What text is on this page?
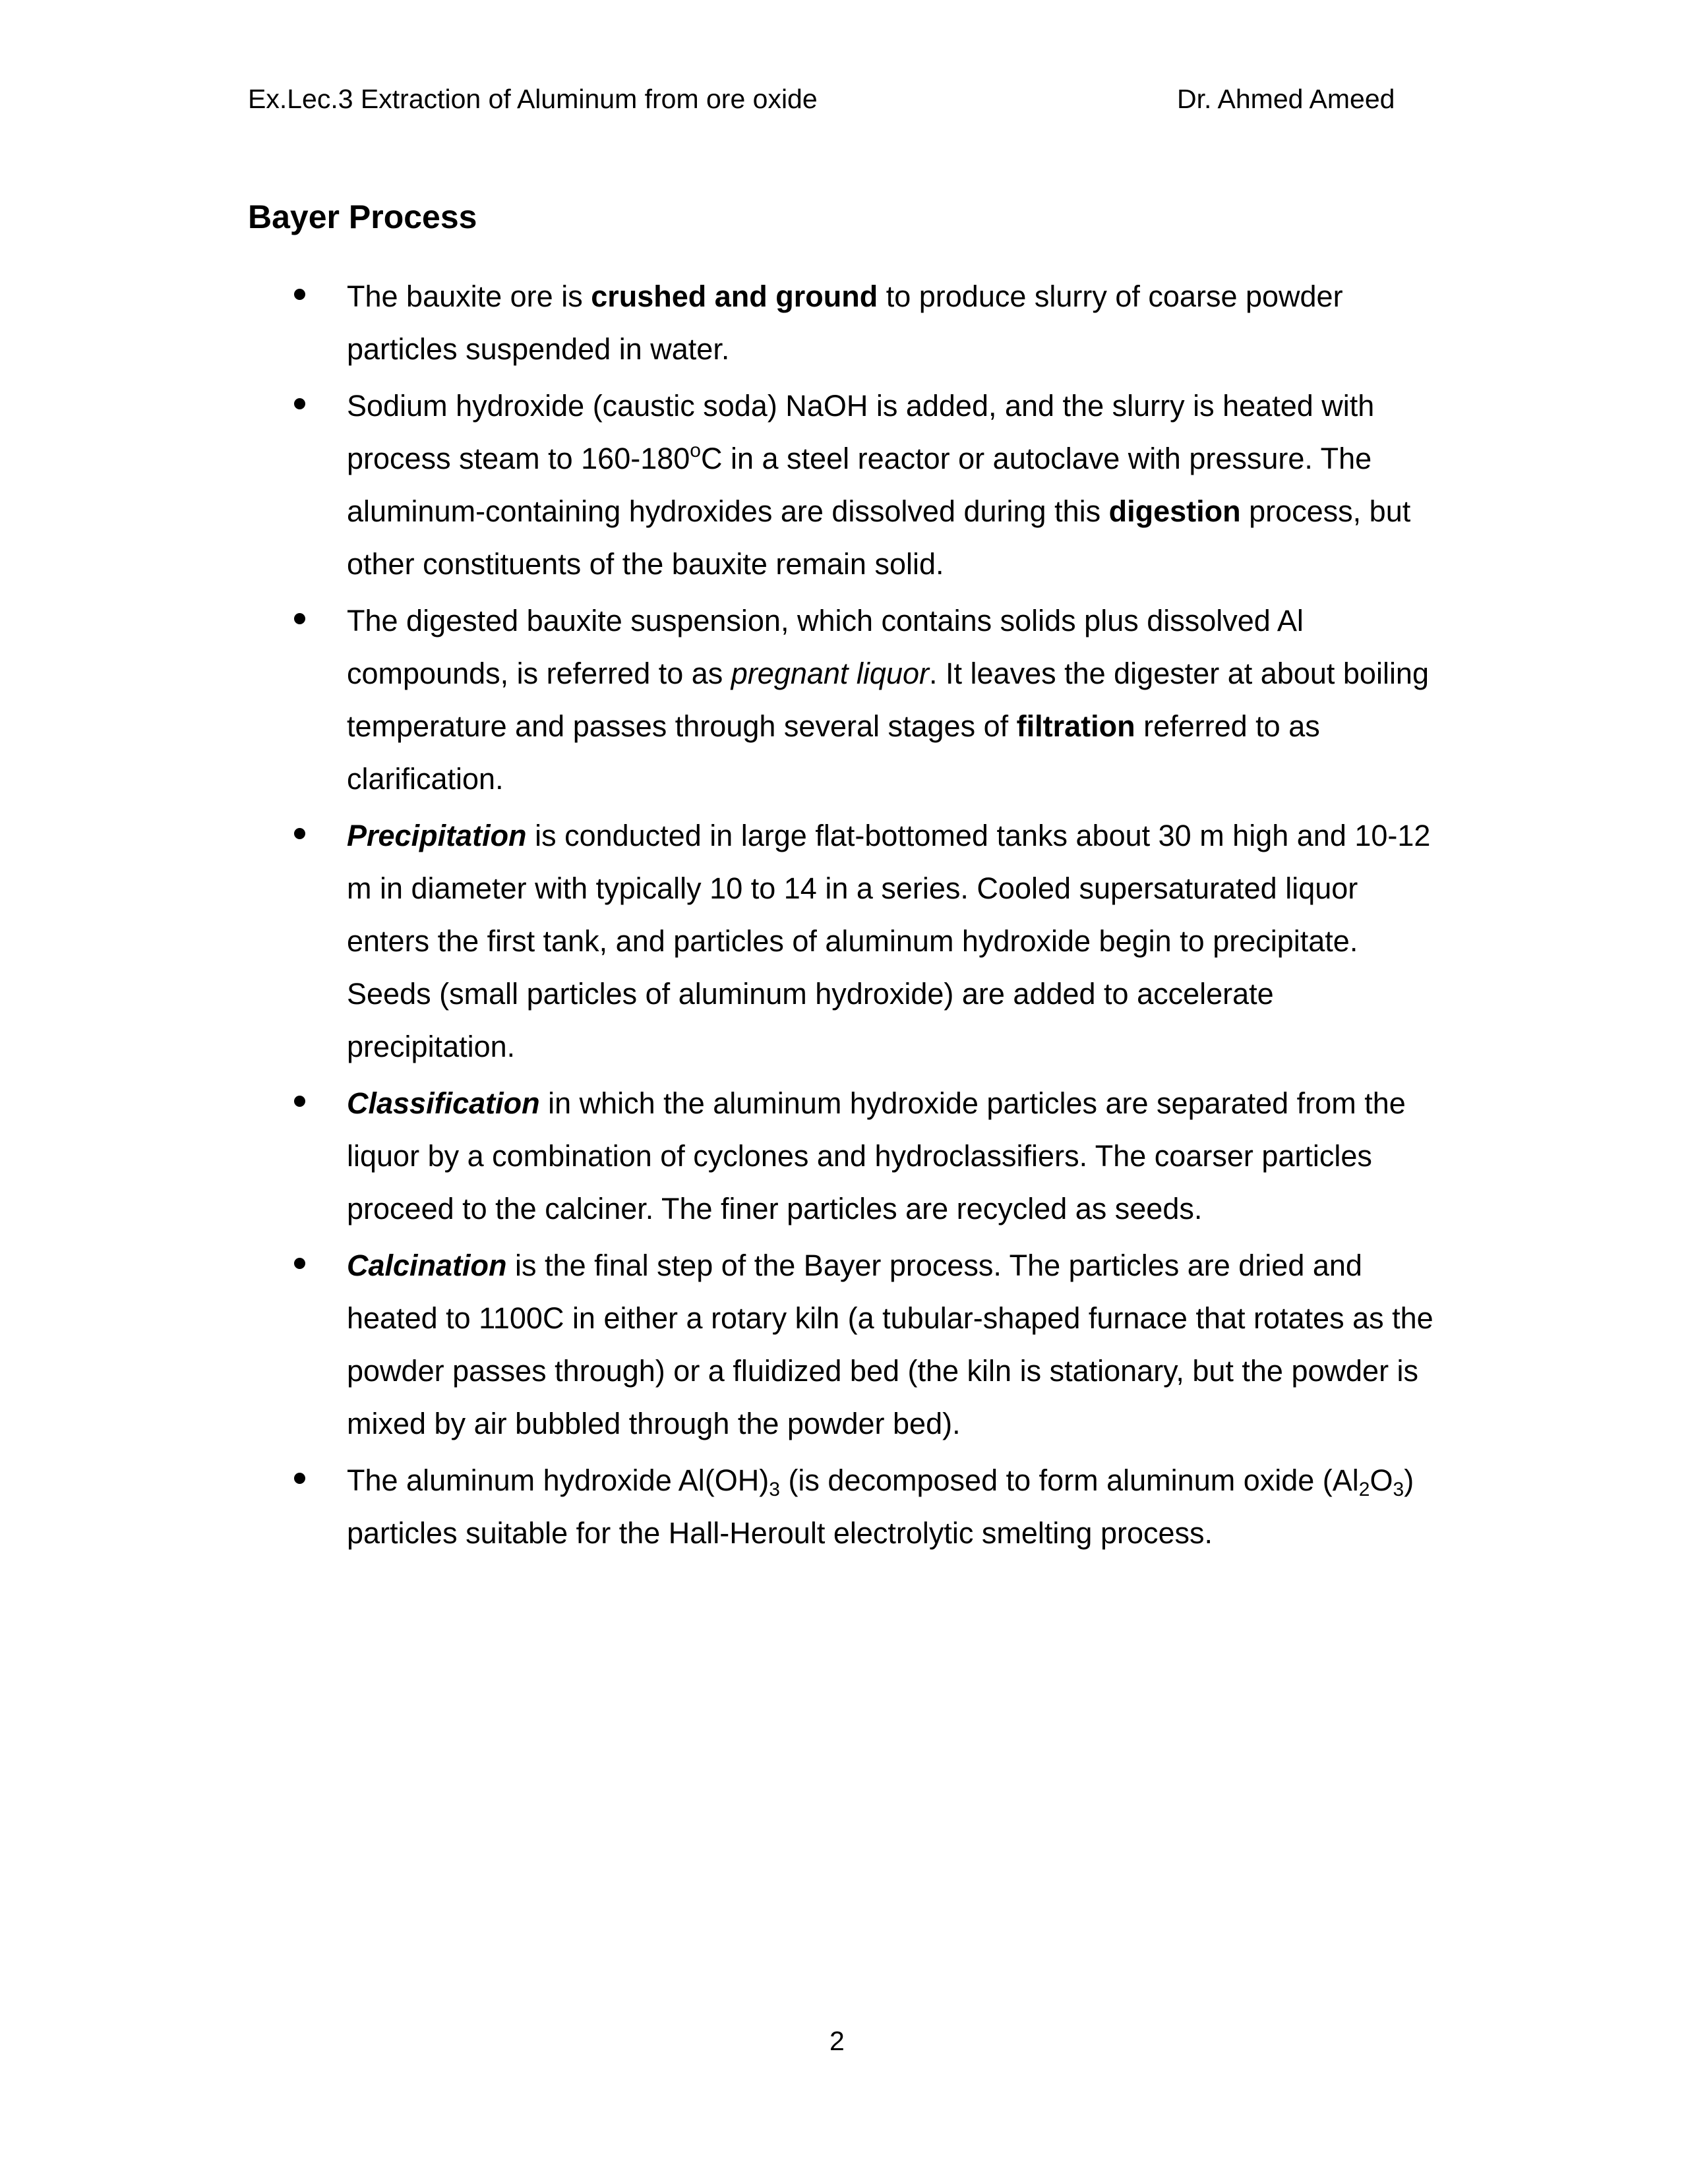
Ex.Lec.3 Extraction of Aluminum from ore oxide	Dr. Ahmed Ameed
Bayer Process
The bauxite ore is crushed and ground to produce slurry of coarse powder particles suspended in water.
Sodium hydroxide (caustic soda) NaOH is added, and the slurry is heated with process steam to 160-180$^o$C in a steel reactor or autoclave with pressure. The aluminum-containing hydroxides are dissolved during this digestion process, but other constituents of the bauxite remain solid.
The digested bauxite suspension, which contains solids plus dissolved Al compounds, is referred to as pregnant liquor. It leaves the digester at about boiling temperature and passes through several stages of filtration referred to as clarification.
Precipitation is conducted in large flat-bottomed tanks about 30 m high and 10-12 m in diameter with typically 10 to 14 in a series. Cooled supersaturated liquor enters the first tank, and particles of aluminum hydroxide begin to precipitate. Seeds (small particles of aluminum hydroxide) are added to accelerate precipitation.
Classification in which the aluminum hydroxide particles are separated from the liquor by a combination of cyclones and hydroclassifiers. The coarser particles proceed to the calciner. The finer particles are recycled as seeds.
Calcination is the final step of the Bayer process. The particles are dried and heated to 1100C in either a rotary kiln (a tubular-shaped furnace that rotates as the powder passes through) or a fluidized bed (the kiln is stationary, but the powder is mixed by air bubbled through the powder bed).
The aluminum hydroxide $Al(OH)_3$ (is decomposed to form aluminum oxide $(Al_2O_3)$ particles suitable for the Hall-Heroult electrolytic smelting process.
2
